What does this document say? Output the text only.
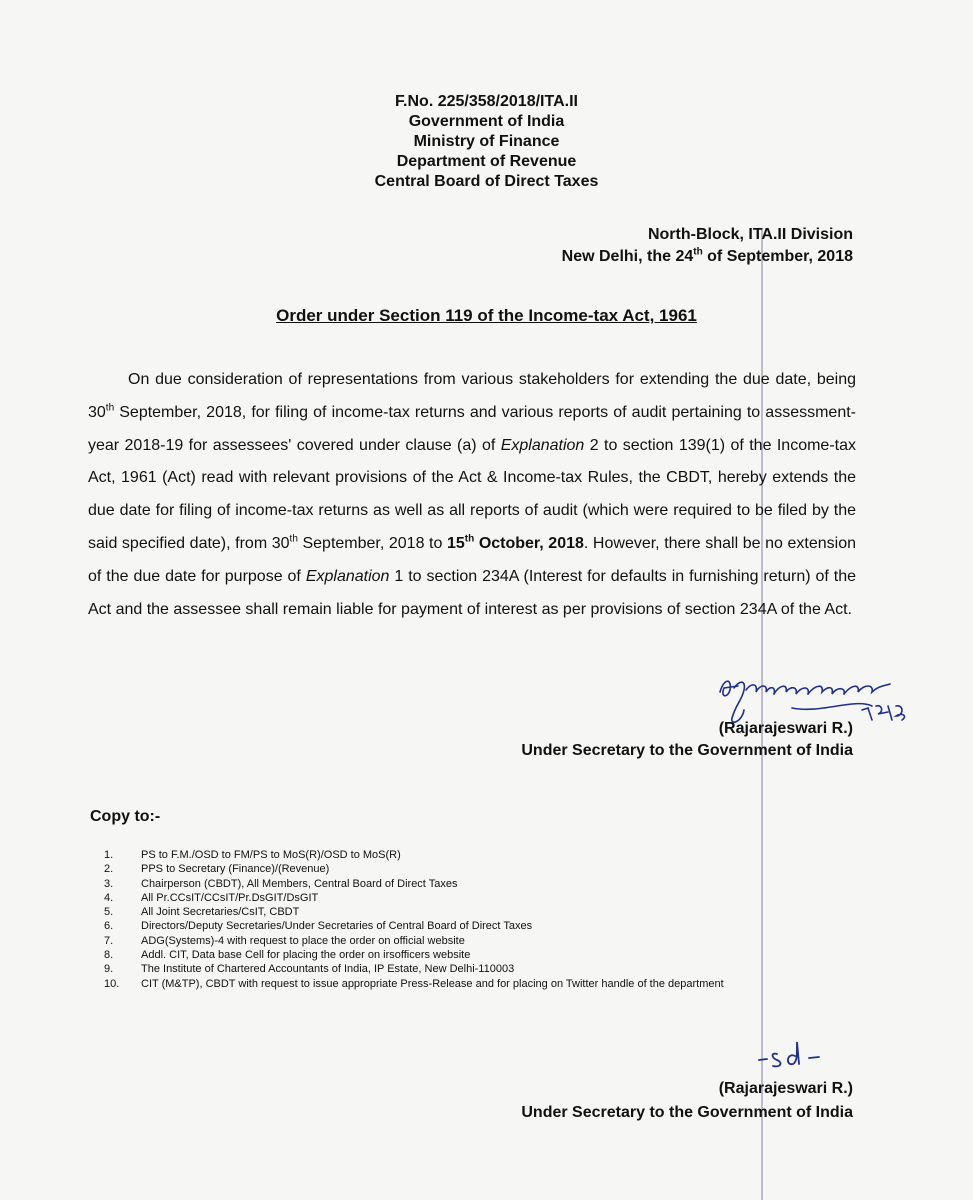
F.No. 225/358/2018/ITA.II
Government of India
Ministry of Finance
Department of Revenue
Central Board of Direct Taxes
North-Block, ITA.II Division
New Delhi, the 24th of September, 2018
Order under Section 119 of the Income-tax Act, 1961

On due consideration of representations from various stakeholders for extending the due date, being 30th September, 2018, for filing of income-tax returns and various reports of audit pertaining to assessment-year 2018-19 for assessees' covered under clause (a) of Explanation 2 to section 139(1) of the Income-tax Act, 1961 (Act) read with relevant provisions of the Act & Income-tax Rules, the CBDT, hereby extends the due date for filing of income-tax returns as well as all reports of audit (which were required to be filed by the said specified date), from 30th September, 2018 to 15th October, 2018. However, there shall be no extension of the due date for purpose of Explanation 1 to section 234A (Interest for defaults in furnishing return) of the Act and the assessee shall remain liable for payment of interest as per provisions of section 234A of the Act.

(Rajarajeswari R.)
Under Secretary to the Government of India
Copy to:-
1.	PS to F.M./OSD to FM/PS to MoS(R)/OSD to MoS(R)
2.	PPS to Secretary (Finance)/(Revenue)
3.	Chairperson (CBDT), All Members, Central Board of Direct Taxes
4.	All Pr.CCsIT/CCsIT/Pr.DsGIT/DsGIT
5.	All Joint Secretaries/CsIT, CBDT
6.	Directors/Deputy Secretaries/Under Secretaries of Central Board of Direct Taxes
7.	ADG(Systems)-4 with request to place the order on official website
8.	Addl. CIT, Data base Cell for placing the order on irsofficers website
9.	The Institute of Chartered Accountants of India, IP Estate, New Delhi-110003
10. CIT (M&TP), CBDT with request to issue appropriate Press-Release and for placing on Twitter handle of the department
(Rajarajeswari R.)
Under Secretary to the Government of India
